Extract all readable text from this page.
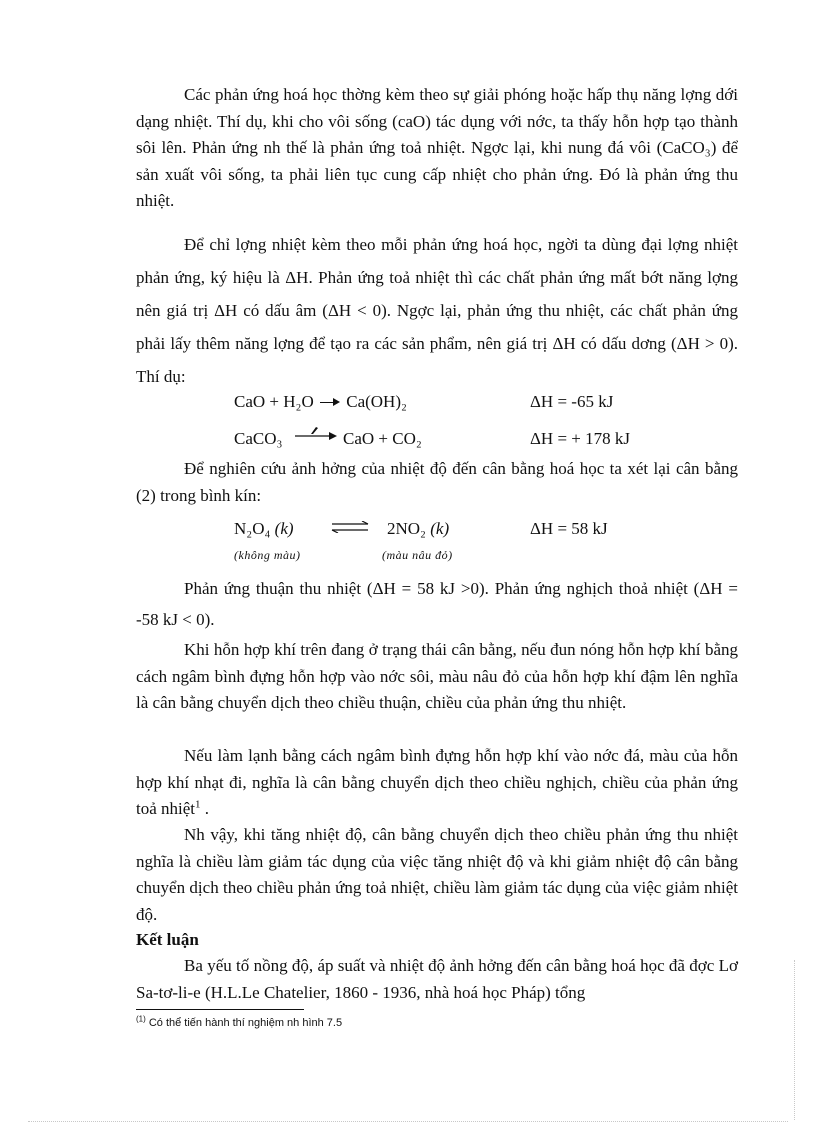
Các phản ứng hoá học thờng kèm theo sự giải phóng hoặc hấp thụ năng lợng dới dạng nhiệt. Thí dụ, khi cho vôi sống (caO) tác dụng với nớc, ta thấy hỗn hợp tạo thành sôi lên. Phản ứng nh thế là phản ứng toả nhiệt. Ngợc lại, khi nung đá vôi (CaCO₃) để sản xuất vôi sống, ta phải liên tục cung cấp nhiệt cho phản ứng. Đó là phản ứng thu nhiệt.

Để chỉ lợng nhiệt kèm theo mỗi phản ứng hoá học, ngời ta dùng đại lợng nhiệt phản ứng, ký hiệu là ΔH. Phản ứng toả nhiệt thì các chất phản ứng mất bớt năng lợng nên giá trị ΔH có dấu âm (ΔH < 0). Ngợc lại, phản ứng thu nhiệt, các chất phản ứng phải lấy thêm năng lợng để tạo ra các sản phẩm, nên giá trị ΔH có dấu dơng (ΔH > 0). Thí dụ:

CaO + H₂O Ca(OH)₂	ΔH = -65 kJ
CaCO₃	CaO + CO₂	ΔH = + 178 kJ

Để nghiên cứu ảnh hởng của nhiệt độ đến cân bằng hoá học ta xét lại cân bằng (2) trong bình kín:

N₂O₄ (k) ⇌ 2NO₂ (k)	ΔH = 58 kJ
(không màu)	(màu nâu đỏ)

Phản ứng thuận thu nhiệt (ΔH = 58 kJ >0). Phản ứng nghịch thoả nhiệt (ΔH = -58 kJ < 0).

Khi hỗn hợp khí trên đang ở trạng thái cân bằng, nếu đun nóng hỗn hợp khí bằng cách ngâm bình đựng hỗn hợp vào nớc sôi, màu nâu đỏ của hỗn hợp khí đậm lên nghĩa là cân bằng chuyển dịch theo chiều thuận, chiều của phản ứng thu nhiệt.

Nếu làm lạnh bằng cách ngâm bình đựng hỗn hợp khí vào nớc đá, màu của hỗn hợp khí nhạt đi, nghĩa là cân bằng chuyển dịch theo chiều nghịch, chiều của phản ứng toả nhiệt$^1$ .

Nh vậy, khi tăng nhiệt độ, cân bằng chuyển dịch theo chiều phản ứng thu nhiệt nghĩa là chiều làm giảm tác dụng của việc tăng nhiệt độ và khi giảm nhiệt độ cân bằng chuyển dịch theo chiều phản ứng toả nhiệt, chiều làm giảm tác dụng của việc giảm nhiệt độ.

Kết luận

Ba yếu tố nồng độ, áp suất và nhiệt độ ảnh hởng đến cân bằng hoá học đã đợc Lơ Sa-tơ-li-e (H.L.Le Chatelier, 1860 - 1936, nhà hoá học Pháp) tổng

$^{(1)}$ Có thể tiến hành thí nghiệm nh hình 7.5
